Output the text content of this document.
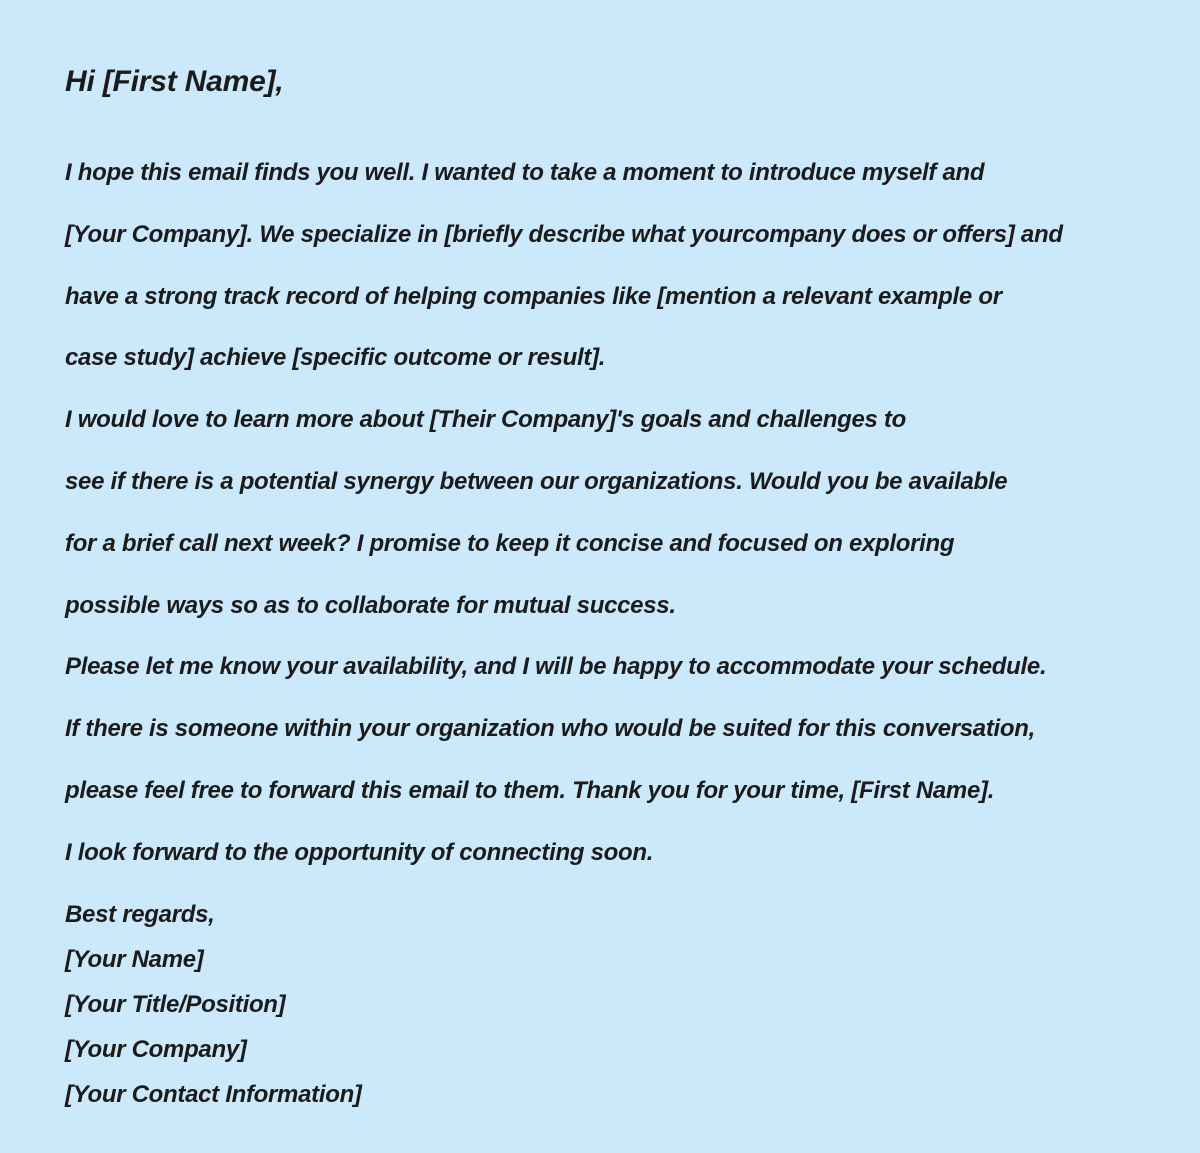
Hi [First Name],
I hope this email finds you well. I wanted to take a moment to introduce myself and
[Your Company]. We specialize in [briefly describe what yourcompany does or offers] and
have a strong track record of helping companies like [mention a relevant example or
case study] achieve [specific outcome or result].
I would love to learn more about [Their Company]'s goals and challenges to
see if there is a potential synergy between our organizations. Would you be available
for a brief call next week? I promise to keep it concise and focused on exploring
possible ways so as to collaborate for mutual success.
Please let me know your availability, and I will be happy to accommodate your schedule.
If there is someone within your organization who would be suited for this conversation,
please feel free to forward this email to them. Thank you for your time, [First Name].
I look forward to the opportunity of connecting soon.
Best regards,
[Your Name]
[Your Title/Position]
[Your Company]
[Your Contact Information]
